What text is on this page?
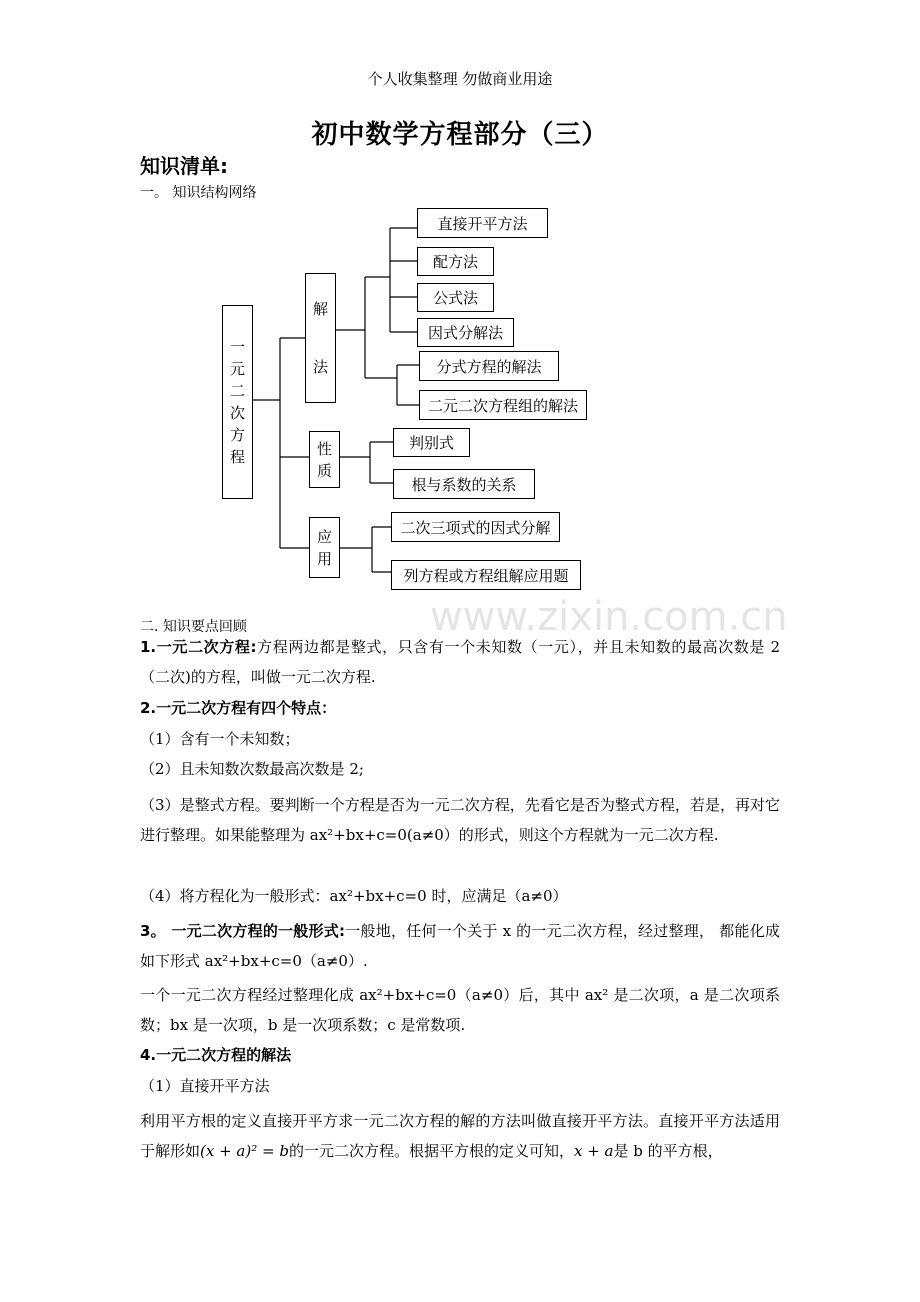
个人收集整理 勿做商业用途
初中数学方程部分（三）
知识清单:
一。 知识结构网络
一
元
二
次
方
程
解
法
性
质
应
用
直接开平方法
配方法
公式法
因式分解法
分式方程的解法
二元二次方程组的解法
判别式
根与系数的关系
二次三项式的因式分解
列方程或方程组解应用题
www.zixin.com.cn
二. 知识要点回顾
1.一元二次方程:方程两边都是整式，只含有一个未知数（一元），并且未知数的最高次数是 2（二次)的方程，叫做一元二次方程.
2.一元二次方程有四个特点：
（1）含有一个未知数；
（2）且未知数次数最高次数是 2;
（3）是整式方程。要判断一个方程是否为一元二次方程，先看它是否为整式方程，若是，再对它进行整理。如果能整理为 ax²+bx+c=0(a≠0）的形式，则这个方程就为一元二次方程.
（4）将方程化为一般形式：ax²+bx+c=0 时，应满足（a≠0）
3。 一元二次方程的一般形式:一般地，任何一个关于 x 的一元二次方程，经过整理， 都能化成如下形式 ax²+bx+c=0（a≠0）.
一个一元二次方程经过整理化成 ax²+bx+c=0（a≠0）后，其中 ax² 是二次项，a 是二次项系数；bx 是一次项，b 是一次项系数；c 是常数项.
4.一元二次方程的解法
（1）直接开平方法
利用平方根的定义直接开平方求一元二次方程的解的方法叫做直接开平方法。直接开平方法适用于解形如(x + a)² = b的一元二次方程。根据平方根的定义可知，x + a是 b 的平方根，
